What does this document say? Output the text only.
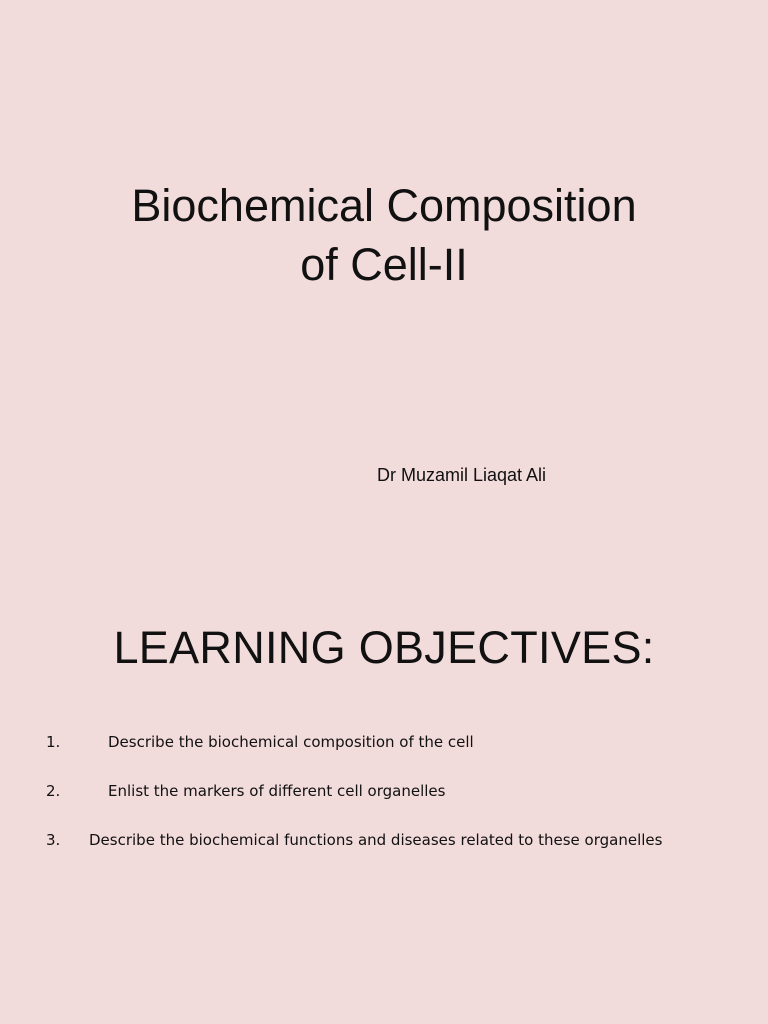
Biochemical Composition
of Cell-II
Dr Muzamil Liaqat Ali
LEARNING OBJECTIVES:
1.	Describe the biochemical composition of the cell
2.	Enlist the markers of different cell organelles
3. Describe the biochemical functions and diseases related to these organelles
